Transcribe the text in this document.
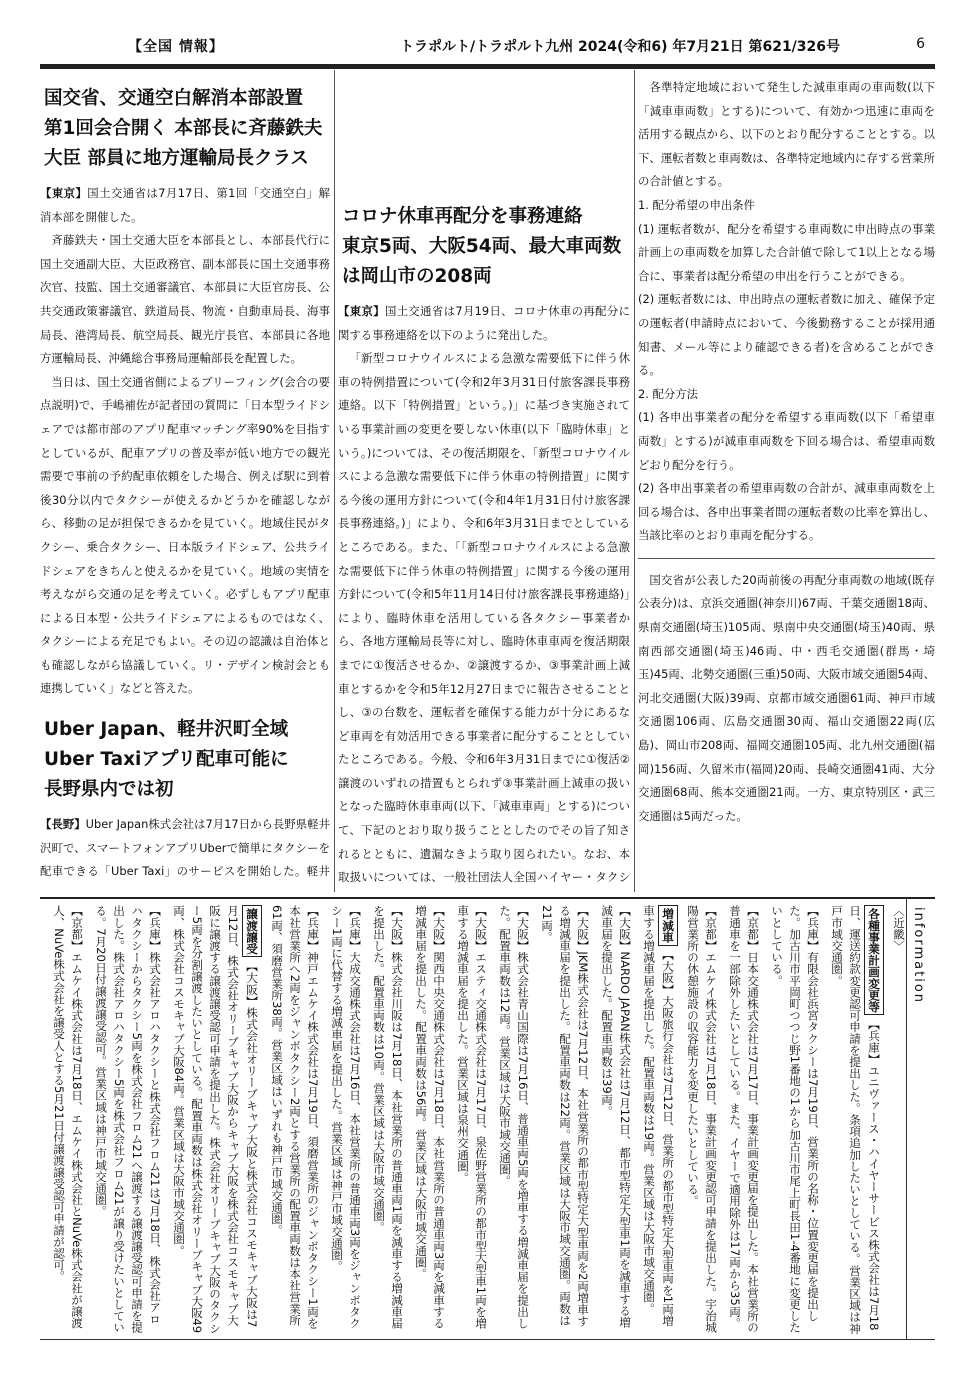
【全国 情報】	トラポルト/トラポルト九州 2024(令和6) 年7月21日 第621/326号	6
国交省、交通空白解消本部設置
第1回会合開く 本部長に斉藤鉄夫
大臣 部員に地方運輸局長クラス

【東京】国土交通省は7月17日、第1回「交通空白」解消本部を開催した。

斉藤鉄夫・国土交通大臣を本部長とし、本部長代行に国土交通副大臣、大臣政務官、副本部長に国土交通事務次官、技監、国土交通審議官、本部員に大臣官房長、公共交通政策審議官、鉄道局長、物流・自動車局長、海事局長、港湾局長、航空局長、観光庁長官、本部員に各地方運輸局長、沖縄総合事務局運輸部長を配置した。

当日は、国土交通省側によるブリーフィング(会合の要点説明)で、手嶋補佐が記者団の質問に「日本型ライドシェアでは都市部のアプリ配車マッチング率90%を目指すとしているが、配車アプリの普及率が低い地方での観光需要で事前の予約配車依頼をした場合、例えば駅に到着後30分以内でタクシーが使えるかどうかを確認しながら、移動の足が担保できるかを見ていく。地域住民がタクシー、乗合タクシー、日本版ライドシェア、公共ライドシェアをきちんと使えるかを見ていく。地域の実情を考えながら交通の足を考えていく。必ずしもアプリ配車による日本型・公共ライドシェアによるものではなく、タクシーによる充足でもよい。その辺の認識は自治体とも確認しながら協議していく。リ・デザイン検討会とも連携していく」などと答えた。

Uber Japan、軽井沢町全域
Uber Taxiアプリ配車可能に
長野県内では初

【長野】Uber Japan株式会社は7月17日から長野県軽井沢町で、スマートフォンアプリUberで簡単にタクシーを配車できる「Uber Taxi」のサービスを開始した。軽井

コロナ休車再配分を事務連絡
東京5両、大阪54両、最大車両数
は岡山市の208両

【東京】国土交通省は7月19日、コロナ休車の再配分に関する事務連絡を以下のように発出した。

「新型コロナウイルスによる急激な需要低下に伴う休車の特例措置について(令和2年3月31日付旅客課長事務連絡。以下「特例措置」という。)」に基づき実施されている事業計画の変更を要しない休車(以下「臨時休車」という。)については、その復活期限を、「新型コロナウイルスによる急激な需要低下に伴う休車の特例措置」に関する今後の運用方針について(令和4年1月31日付け旅客課長事務連絡。)」により、令和6年3月31日までとしているところである。また、「「新型コロナウイルスによる急激な需要低下に伴う休車の特例措置」に関する今後の運用方針について(令和5年11月14日付け旅客課長事務連絡)」により、臨時休車を活用している各タクシー事業者から、各地方運輸局長等に対し、臨時休車車両を復活期限までに①復活させるか、②譲渡するか、③事業計画上減車とするかを令和5年12月27日までに報告させることとし、③の台数を、運転者を確保する能力が十分にあるなど車両を有効活用できる事業者に配分することとしていたところである。今般、令和6年3月31日までに①復活②譲渡のいずれの措置もとられず③事業計画上減車の扱いとなった臨時休車車両(以下、「減車車両」とする)について、下記のとおり取り扱うこととしたのでその旨了知されるとともに、遺漏なきよう取り図られたい。なお、本取扱いについては、一般社団法人全国ハイヤー・タクシ

各準特定地域において発生した減車車両の車両数(以下「減車車両数」とする)について、有効かつ迅速に車両を活用する観点から、以下のとおり配分することとする。以下、運転者数と車両数は、各準特定地域内に存する営業所の合計値とする。

1. 配分希望の申出条件

(1) 運転者数が、配分を希望する車両数に申出時点の事業計画上の車両数を加算した合計値で除して1以上となる場合に、事業者は配分希望の申出を行うことができる。

(2) 運転者数には、申出時点の運転者数に加え、確保予定の運転者(申請時点において、今後勤務することが採用通知書、メール等により確認できる者)を含めることができる。

2. 配分方法

(1) 各申出事業者の配分を希望する車両数(以下「希望車両数」とする)が減車車両数を下回る場合は、希望車両数どおり配分を行う。

(2) 各申出事業者の希望車両数の合計が、減車車両数を上回る場合は、各申出事業者間の運転者数の比率を算出し、当該比率のとおり車両を配分する。

国交省が公表した20両前後の再配分車両数の地域(既存公表分)は、京浜交通圏(神奈川)67両、千葉交通圏18両、県南交通圏(埼玉)105両、県南中央交通圏(埼玉)40両、県南西部交通圏(埼玉)46両、中・西毛交通圏(群馬・埼玉)45両、北勢交通圏(三重)50両、大阪市域交通圏54両、河北交通圏(大阪)39両、京都市域交通圏61両、神戸市域交通圏106両、広島交通圏30両、福山交通圏22両(広島)、岡山市208両、福岡交通圏105両、北九州交通圏(福岡)156両、久留米市(福岡)20両、長崎交通圏41両、大分交通圏68両、熊本交通圏21両。一方、東京特別区・武三交通圏は5両だった。

〈近畿〉
各種事業計画変更等【兵庫】ユニヴァース・ハイヤーサービス株式会社は7月18日、運送約款変更認可申請を提出した。条項追加したいとしている。営業区域は神戸市域交通圏。
【兵庫】有限会社浜宮タクシーは7月19日、営業所の名称・位置変更届を提出した。加古川市平岡町つつじ野1番地の1から加古川市尾上町長田1-4番地に変更したいとしている。
【京都】日本交通株式会社は7月17日、事業計画変更届を提出した。本社営業所の普通車を一部除外したいとしている。また、イヤーで適用除外は17両から35両。
【京都】エムケイ株式会社は7月18日、事業計画変更認可申請を提出した。宇治城陽営業所の休憩施設の収容能力を変更したいとしている。
増減車【大阪】大阪旅行会社は7月12日、営業所の都市型特定大型車両を1両増車する増減車届を提出した。配置車両数は19両。営業区域は大阪市域交通圏。
【大阪】NARDO JAPAN株式会社は7月12日、都市型特定大型車1両を減車する増減車届を提出した。配置車両数は39両。
【大阪】JKM株式会社は7月12日、本社営業所の都市型特定大型車両を2両増車する増減車届を提出した。配置車両数は22両。営業区域は大阪市域交通圏。両数は21両。
【大阪】株式会社青山国際は7月16日、普通車両5両を増車する増減車届を提出した。配置車両数は12両。営業区域は大阪市域交通圏。
【大阪】エスティ交通株式会社は7月17日、泉佐野営業所の都市型大型車1両を増車する増減車届を提出した。営業区域は泉州交通圏。
【大阪】関西中央交通株式会社は7月18日、本社営業所の普通車両3両を減車する増減車届を提出した。配置車両数は56両。営業区域は大阪市域交通圏。
【大阪】株式会社川阪は7月18日、本社営業所の普通車両1両を減車する増減車届を提出した。配置車両数は10両。営業区域は大阪市域交通圏。
【兵庫】大成交通株式会社は7月16日、本社営業所の普通車両3両をジャンボタクシー1両に代替する増減車届を提出した。営業区域は神戸市域交通圏。
【兵庫】神戸エムケイ株式会社は7月19日、須磨営業所のジャンボタクシー1両を本社営業所へ2両をジャンボタクシー2両とする営業所の配置車両数は本社営業所61両、須磨営業所38両。営業区域はいずれも神戸市域交通圏。
譲渡譲受【大阪】株式会社オリーブキャブ大阪と株式会社コスモキャブ大阪は7月12日、株式会社オリーブキャブ大阪からキャブ大阪を株式会社コスモキャブ大阪に譲渡する譲渡譲受認可申請を提出した。株式会社オリーブキャブ大阪のタクシー5両を分割譲渡したいとしている。配置車両数は株式会社オリーブキャブ大阪49両、株式会社コスモキャブ大阪84両。営業区域は大阪市域交通圏。
【兵庫】株式会社アロハタクシーと株式会社フロム21は7月18日、株式会社アロハタクシーからタクシー5両を株式会社フロム21へ譲渡する譲渡譲受認可申請を提出した。株式会社アロハタクシー5両を株式会社フロム21が譲り受けたいとしている。7月20日付譲渡譲受認可。営業区域は神戸市域交通圏。
【京都】エムケイ株式会社は7月18日、エムケイ株式会社とNuVe株式会社が譲渡人、NuVe株式会社を譲受人とする5月21日付譲渡譲受認可申請が認可。	information
